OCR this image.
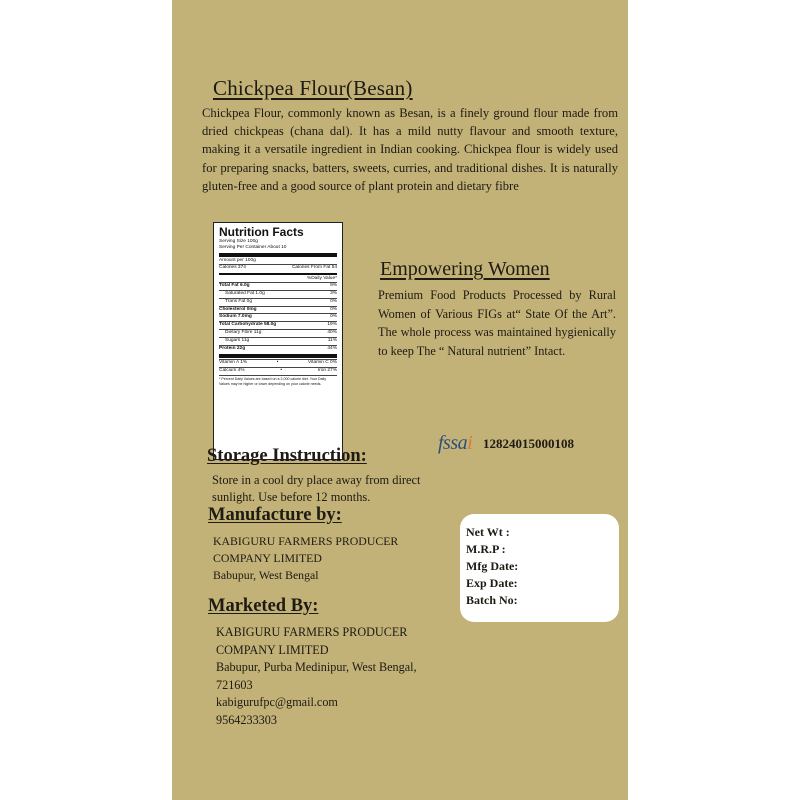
Chickpea Flour(Besan)
Chickpea Flour, commonly known as Besan, is a finely ground flour made from dried chickpeas (chana dal). It has a mild nutty flavour and smooth texture, making it a versatile ingredient in Indian cooking. Chickpea flour is widely used for preparing snacks, batters, sweets, curries, and traditional dishes. It is naturally gluten-free and a good source of plant protein and dietary fibre
Nutrition Facts
Serving Size 100g
Serving Per Container About 10
Amount per 100g
Calories 374	Calories From Fat 54
%Daily Value*
Total Fat 6.0g	9%
Saturated Fat 1.0g	3%
Trans Fat 0g	0%
Cholesterol 0mg	0%
Sodium 7.0mg	0%
Total Carbohydrate 58.0g	19%
Dietary Fibre 11g	40%
Sugars 11g	11%
Protein 22g	44%
Vitamin A 1%	•	Vitamin C 0%
Calcium 4%	•	Iron 27%
* Percent Daily Values are based on a 2,000 calorie diet. Your Daily Values may be higher or lower depending on your calorie needs.
Empowering Women
Premium Food Products Processed by Rural Women of Various FIGs at“ State Of the Art”. The whole process was maintained hygienically to keep The “ Natural nutrient” Intact.
fssai 12824015000108
Storage Instruction:
Store in a cool dry place away from direct sunlight. Use before 12 months.
Manufacture by:
KABIGURU FARMERS PRODUCER
COMPANY LIMITED
Babupur, West Bengal
Net Wt :
M.R.P :
Mfg Date:
Exp Date:
Batch No:
Marketed By:
KABIGURU FARMERS PRODUCER
COMPANY LIMITED
Babupur, Purba Medinipur, West Bengal,
721603
kabigurufpc@gmail.com
9564233303
